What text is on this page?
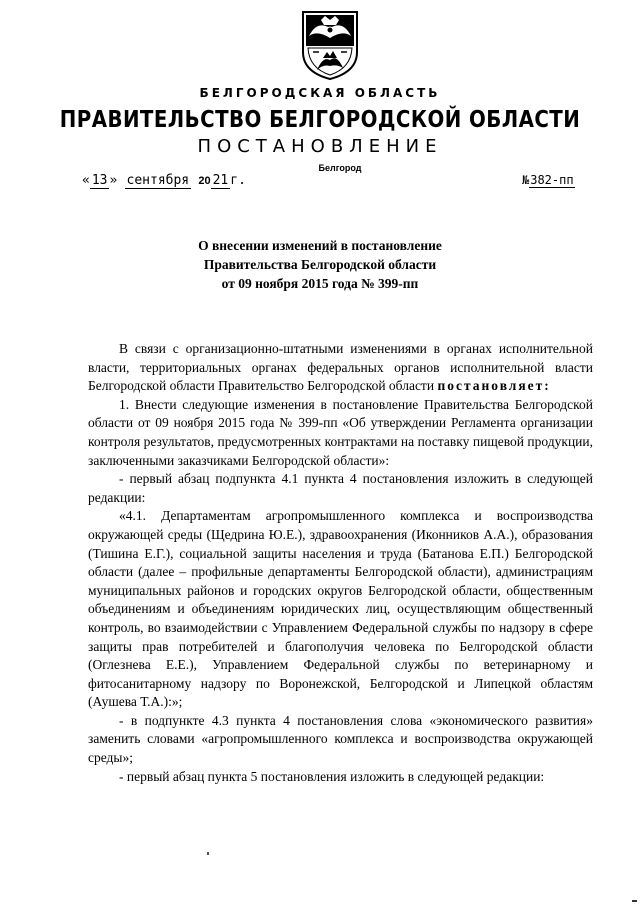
БЕЛГОРОДСКАЯ ОБЛАСТЬ
ПРАВИТЕЛЬСТВО БЕЛГОРОДСКОЙ ОБЛАСТИ
ПОСТАНОВЛЕНИЕ
Белгород
« 13 » сентября 20 21 г.	№382-пп
О внесении изменений в постановление
Правительства Белгородской области
от 09 ноября 2015 года № 399-пп

В связи с организационно-штатными изменениями в органах исполнительной власти, территориальных органах федеральных органов исполнительной власти Белгородской области Правительство Белгородской области постановляет:

1. Внести следующие изменения в постановление Правительства Белгородской области от 09 ноября 2015 года № 399-пп «Об утверждении Регламента организации контроля результатов, предусмотренных контрактами на поставку пищевой продукции, заключенными заказчиками Белгородской области»:

- первый абзац подпункта 4.1 пункта 4 постановления изложить в следующей редакции:

«4.1. Департаментам агропромышленного комплекса и воспроизводства окружающей среды (Щедрина Ю.Е.), здравоохранения (Иконников А.А.), образования (Тишина Е.Г.), социальной защиты населения и труда (Батанова Е.П.) Белгородской области (далее – профильные департаменты Белгородской области), администрациям муниципальных районов и городских округов Белгородской области, общественным объединениям и объединениям юридических лиц, осуществляющим общественный контроль, во взаимодействии с Управлением Федеральной службы по надзору в сфере защиты прав потребителей и благополучия человека по Белгородской области (Оглезнева Е.Е.), Управлением Федеральной службы по ветеринарному и фитосанитарному надзору по Воронежской, Белгородской и Липецкой областям (Аушева Т.А.):»;

- в подпункте 4.3 пункта 4 постановления слова «экономического развития» заменить словами «агропромышленного комплекса и воспроизводства окружающей среды»;

- первый абзац пункта 5 постановления изложить в следующей редакции:
